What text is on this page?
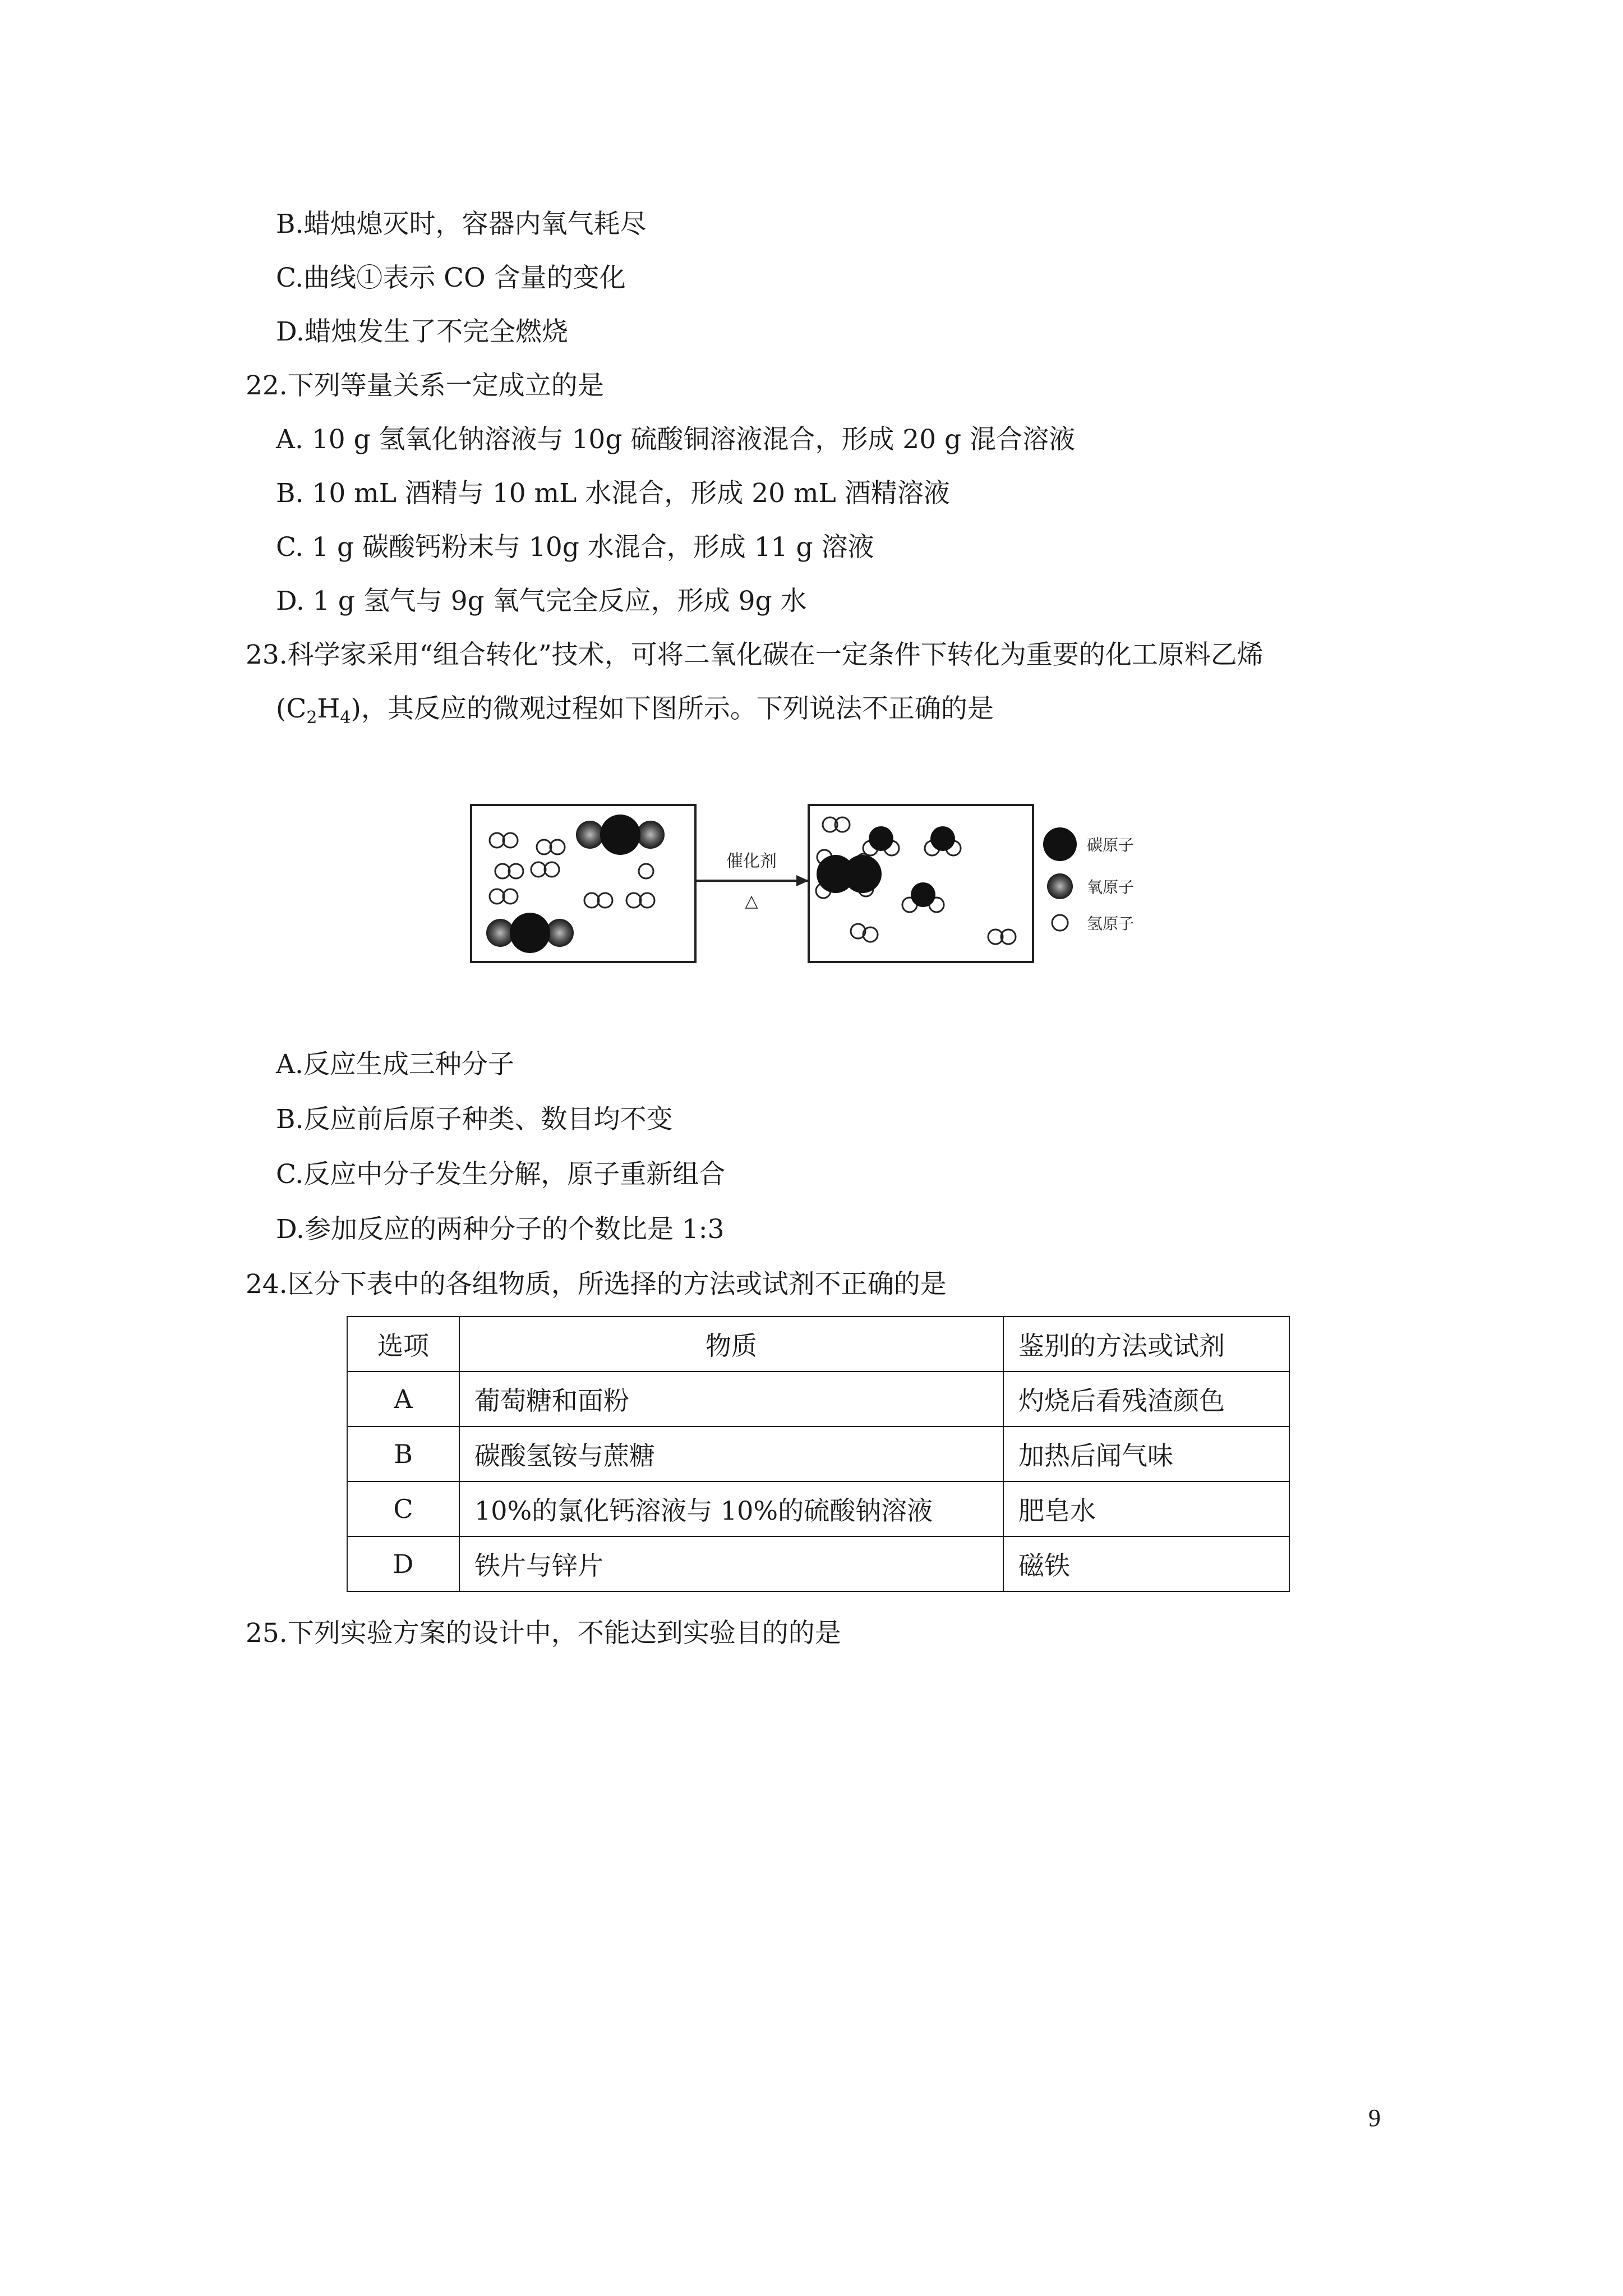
B.蜡烛熄灭时，容器内氧气耗尽
C.曲线①表示 CO 含量的变化
D.蜡烛发生了不完全燃烧
22.下列等量关系一定成立的是
A. 10 g 氢氧化钠溶液与 10g 硫酸铜溶液混合，形成 20 g 混合溶液
B. 10 mL 酒精与 10 mL 水混合，形成 20 mL 酒精溶液
C. 1 g 碳酸钙粉末与 10g 水混合，形成 11 g 溶液
D. 1 g 氢气与 9g 氧气完全反应，形成 9g 水
23.科学家采用“组合转化”技术，可将二氧化碳在一定条件下转化为重要的化工原料乙烯
$(C_2H_4)$，其反应的微观过程如下图所示。下列说法不正确的是
催化剂
△
碳原子
氧原子
氢原子
A.反应生成三种分子
B.反应前后原子种类、数目均不变
C.反应中分子发生分解，原子重新组合
D.参加反应的两种分子的个数比是 1:3
24.区分下表中的各组物质，所选择的方法或试剂不正确的是
选项	物质	鉴别的方法或试剂
A	葡萄糖和面粉	灼烧后看残渣颜色
B	碳酸氢铵与蔗糖	加热后闻气味
C	10%的氯化钙溶液与 10%的硫酸钠溶液	肥皂水
D	铁片与锌片	磁铁
25.下列实验方案的设计中，不能达到实验目的的是
9
